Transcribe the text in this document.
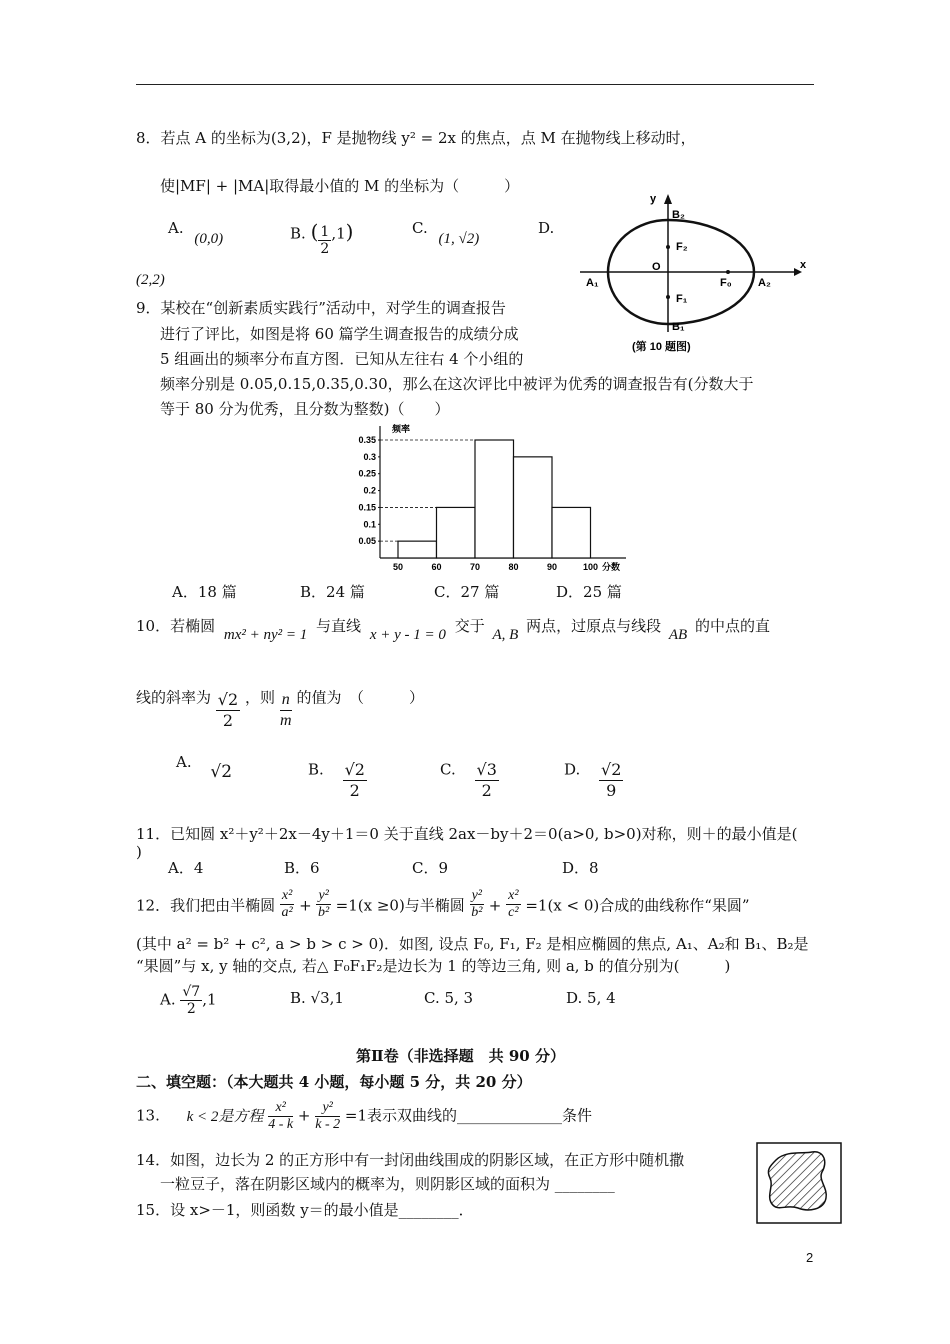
8．若点 A 的坐标为(3,2)，F 是抛物线 y² = 2x 的焦点，点 M 在抛物线上移动时，
使|MF| + |MA|取得最小值的 M 的坐标为（　　　）
A. (0,0)	B. ( $\frac{1}{2} ,1$)	C. (1, √2)
D.
(2,2)
y
x
O
B₂
B₁
F₂
F₁
F₀
A₁	A₂
(第 10 题图)
9．某校在“创新素质实践行”活动中，对学生的调查报告
进行了评比，如图是将 60 篇学生调查报告的成绩分成
5 组画出的频率分布直方图．已知从左往右 4 个小组的
频率分别是 0.05,0.15,0.35,0.30，那么在这次评比中被评为优秀的调查报告有(分数大于
等于 80 分为优秀，且分数为整数)（　　）
频率
分数
0.05
0.1
0.15
0.2
0.25
0.3
0.35
50	60	70	80	90	100
A．18 篇	B．24 篇	C．27 篇	D．25 篇
10．若椭圆 mx² + ny² = 1 与直线 x + y - 1 = 0 交于 A, B 两点，过原点与线段 AB 的中点的直
线的斜率为 $\frac{√2}{2}$ ，则 $\frac{n}{m}$ 的值为　（　　　）
A. √2	B. $\frac{√2}{2}$	C. $\frac{√3}{2}$	D. $\frac{√2}{9}$
11．已知圆 x²＋y²＋2x－4y＋1＝0 关于直线 2ax－by＋2＝0(a>0, b>0)对称，则＋的最小值是(
)
A．4	B．6	C．9	D．8
12．我们把由半椭圆 $\frac{\text{x²}}{\text{a²}} + \frac{\text{y²}}{\text{b²}} =1(x \ge 0)$与半椭圆 $\frac{\text{y²}}{\text{b²}} + \frac{\text{x²}}{\text{c²}} =1(x < 0)$合成的曲线称作“果圆”
(其中 a² = b² + c², a > b > c > 0)．如图, 设点 F₀, F₁, F₂ 是相应椭圆的焦点, A₁、A₂和 B₁、B₂是
“果圆”与 x, y 轴的交点, 若△ F₀F₁F₂是边长为 1 的等边三角, 则 a, b 的值分别为(　　　)
A. $\frac{√7}{2} ,1$	B. √3,1	C. 5, 3	D. 5, 4
第Ⅱ卷（非选择题　共 90 分）
二、填空题：（本大题共 4 小题，每小题 5 分，共 20 分）
13. k < 2是方程 $\frac{\text{x²}}{4 - k} + \frac{\text{y²}}{k - 2} =1$表示双曲线的______________条件
14．如图，边长为 2 的正方形中有一封闭曲线围成的阴影区域，在正方形中随机撒
一粒豆子，落在阴影区域内的概率为，则阴影区域的面积为 ________
15．设 x>－1，则函数 y＝的最小值是________．
2
